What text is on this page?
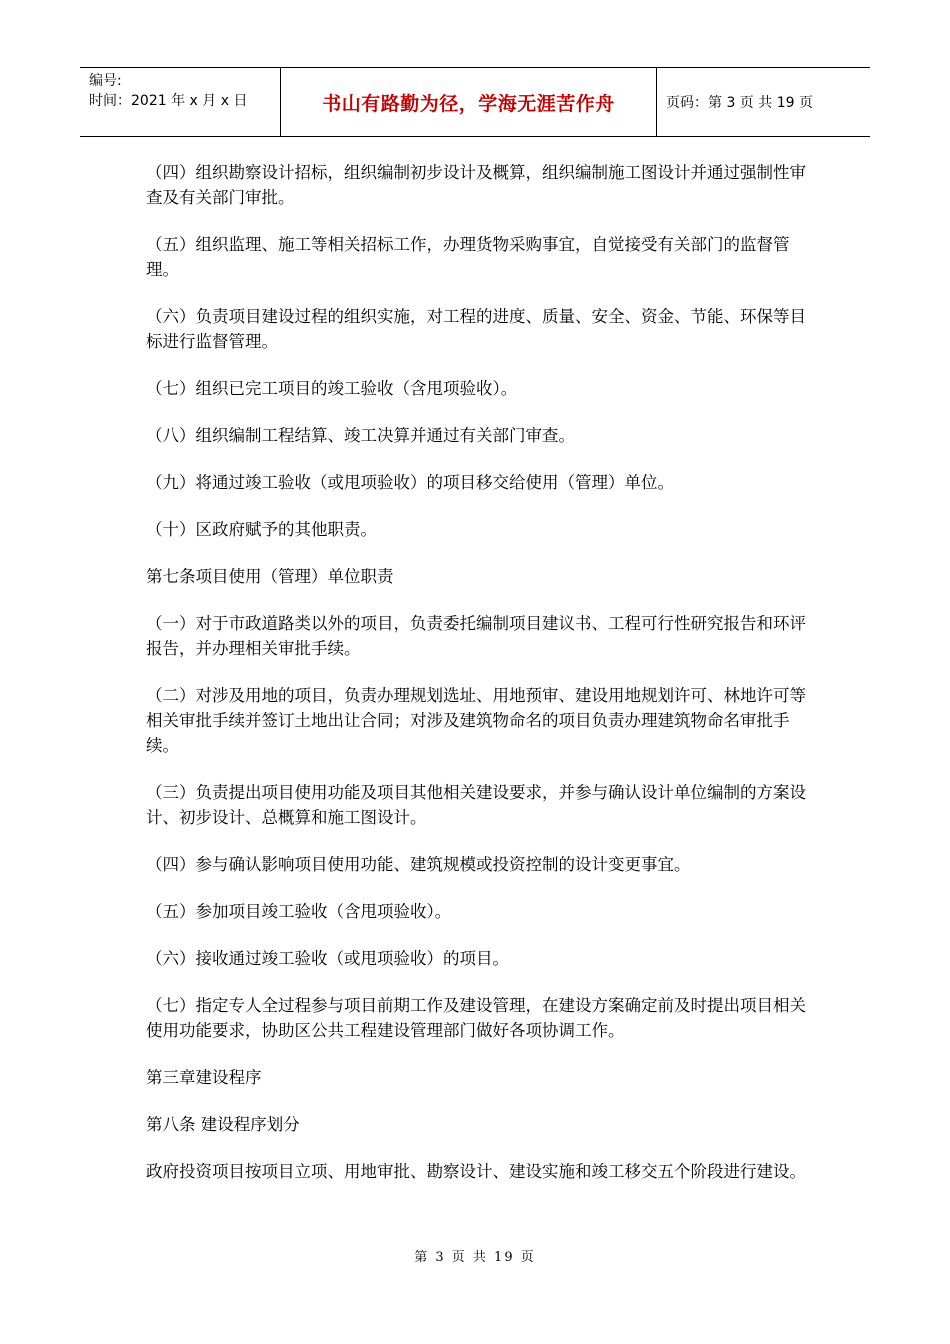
编号:
时间：2021 年 x 月 x 日	书山有路勤为径，学海无涯苦作舟	页码：第 3 页 共 19 页

（四）组织勘察设计招标，组织编制初步设计及概算，组织编制施工图设计并通过强制性审查及有关部门审批。

（五）组织监理、施工等相关招标工作，办理货物采购事宜，自觉接受有关部门的监督管理。

（六）负责项目建设过程的组织实施，对工程的进度、质量、安全、资金、节能、环保等目标进行监督管理。

（七）组织已完工项目的竣工验收（含甩项验收）。

（八）组织编制工程结算、竣工决算并通过有关部门审查。

（九）将通过竣工验收（或甩项验收）的项目移交给使用（管理）单位。

（十）区政府赋予的其他职责。

第七条项目使用（管理）单位职责

（一）对于市政道路类以外的项目，负责委托编制项目建议书、工程可行性研究报告和环评报告，并办理相关审批手续。

（二）对涉及用地的项目，负责办理规划选址、用地预审、建设用地规划许可、林地许可等相关审批手续并签订土地出让合同；对涉及建筑物命名的项目负责办理建筑物命名审批手续。

（三）负责提出项目使用功能及项目其他相关建设要求，并参与确认设计单位编制的方案设计、初步设计、总概算和施工图设计。

（四）参与确认影响项目使用功能、建筑规模或投资控制的设计变更事宜。

（五）参加项目竣工验收（含甩项验收）。

（六）接收通过竣工验收（或甩项验收）的项目。

（七）指定专人全过程参与项目前期工作及建设管理，在建设方案确定前及时提出项目相关使用功能要求，协助区公共工程建设管理部门做好各项协调工作。

第三章建设程序

第八条 建设程序划分

政府投资项目按项目立项、用地审批、勘察设计、建设实施和竣工移交五个阶段进行建设。

第 3 页 共 19 页
